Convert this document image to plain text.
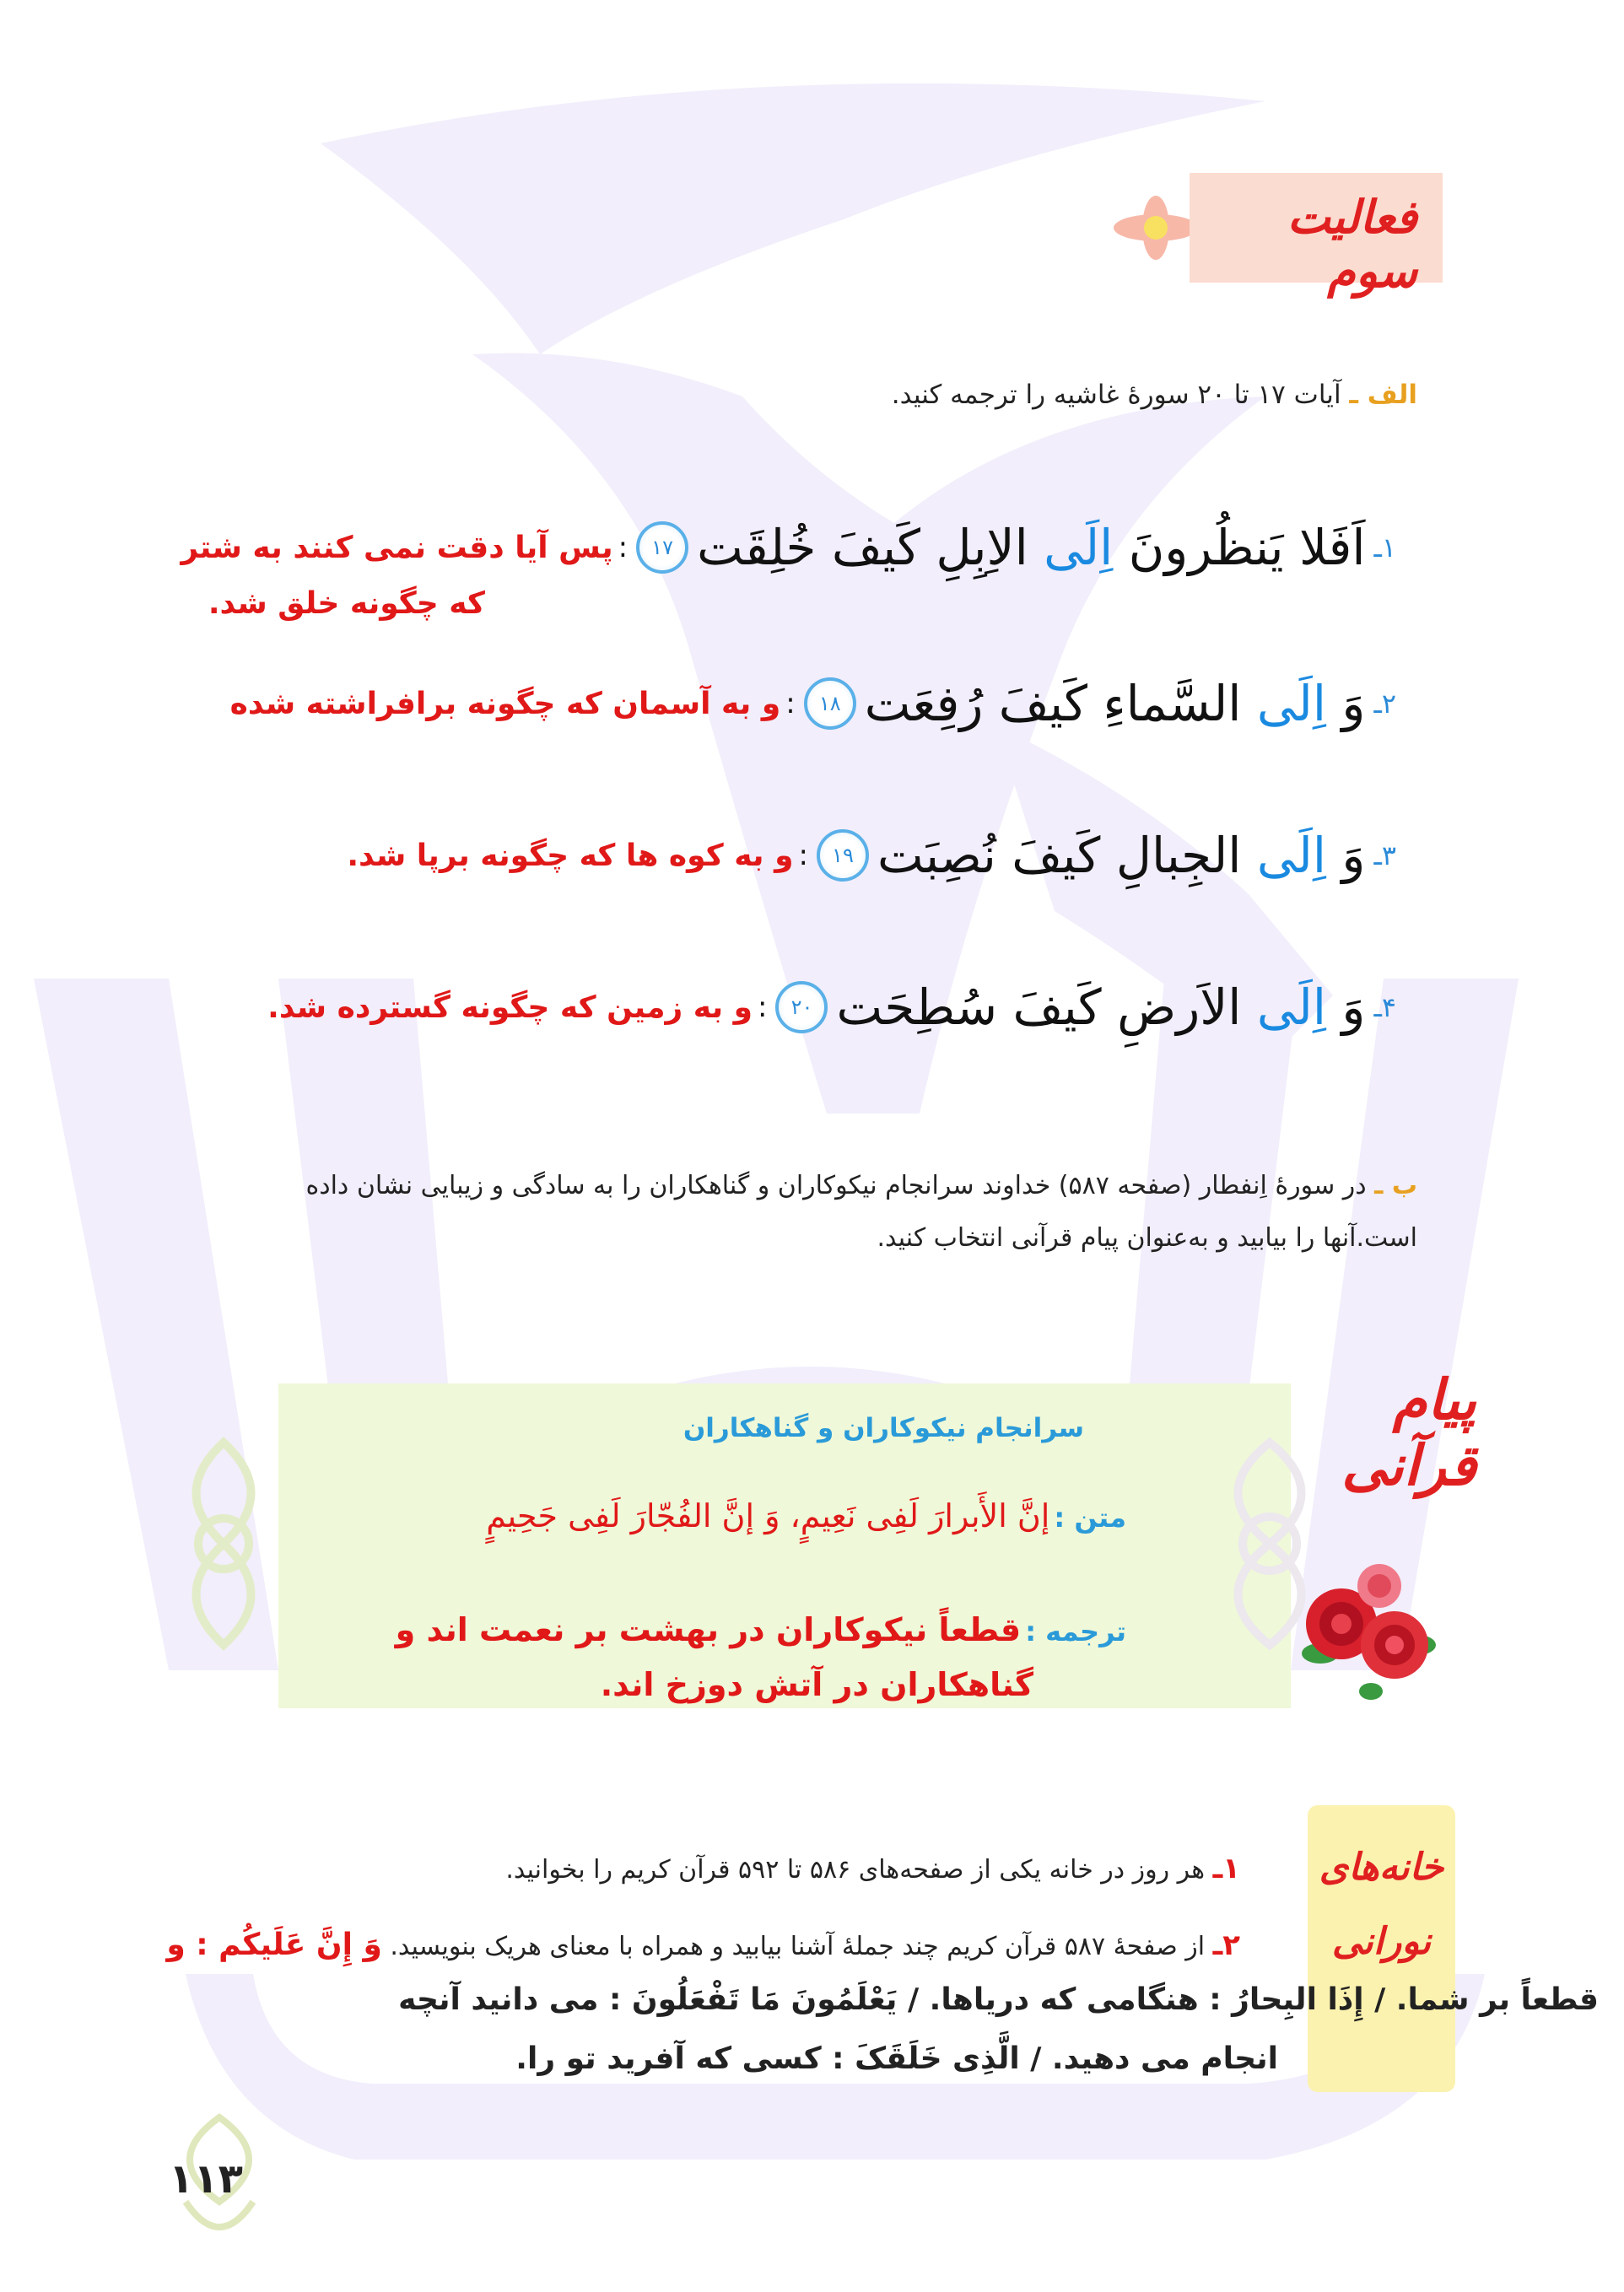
فعالیت سوم
الف ـ آیات ۱۷ تا ۲۰ سورۀ غاشیه را ترجمه کنید.
۱ـ
اَفَلا یَنظُرونَ اِلَی الاِبِلِ کَیفَ خُلِقَت
۱۷
:
پس آیا دقت نمی کنند به شتر
که چگونه خلق شد.
۲ـ
وَ اِلَی السَّماءِ کَیفَ رُفِعَت
۱۸
:
و به آسمان که چگونه برافراشته شده
۳ـ
وَ اِلَی الجِبالِ کَیفَ نُصِبَت
۱۹
:
و به کوه ها که چگونه برپا شد.
۴ـ
وَ اِلَی الاَرضِ کَیفَ سُطِحَت
۲۰
:
و به زمین که چگونه گسترده شد.
ب ـ در سورۀ اِنفطار (صفحه ۵۸۷) خداوند سرانجام نیکوکاران و گناهکاران را به سادگی و زیبایی نشان داده
است.آنها را بیابید و به‌عنوان پیام قرآنی انتخاب کنید.
پیام قرآنی
سرانجام نیکوکاران و گناهکاران
متن : إنَّ الأَبرارَ لَفِی نَعِیمٍ، وَ إنَّ الفُجّارَ لَفِی جَحِیمٍ
ترجمه : قطعاً نیکوکاران در بهشت بر نعمت اند و
گناهکاران در آتش دوزخ اند.
خانه‌های
نورانی
۱ـ هر روز در خانه یکی از صفحه‌های ۵۸۶ تا ۵۹۲ قرآن کریم را بخوانید.
۲ـ از صفحۀ ۵۸۷ قرآن کریم چند جملۀ آشنا بیابید و همراه با معنای هریک بنویسید. وَ إِنَّ عَلَیکُم : و
قطعاً بر شما. / إِذَا البِحارُ : هنگامی که دریاها. / یَعْلَمُونَ مَا تَفْعَلُونَ : می دانید آنچه
انجام می دهید. / الَّذِی خَلَقَکَ : کسی که آفرید تو را.
۱۱۳
